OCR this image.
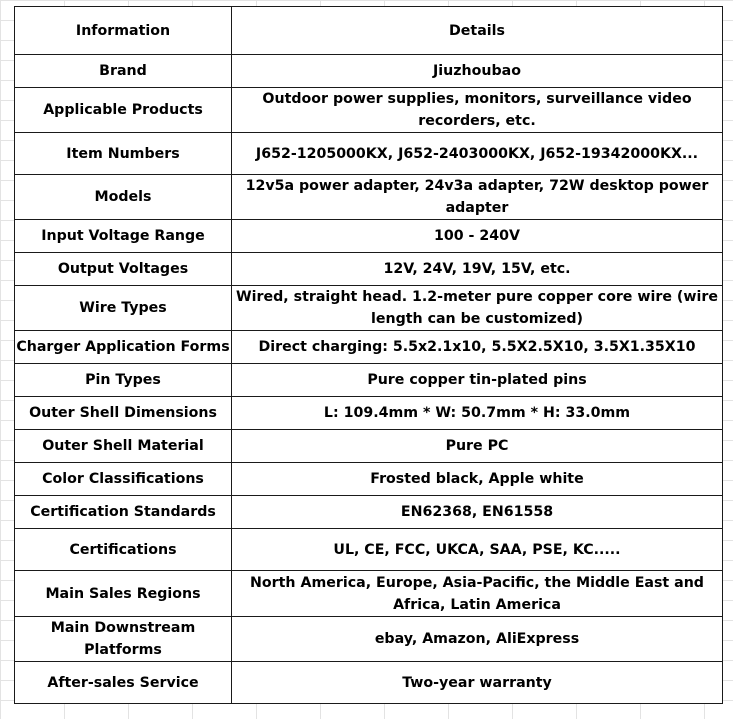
Information	Details
Brand	Jiuzhoubao
Applicable Products	Outdoor power supplies, monitors, surveillance video recorders, etc.
Item Numbers	J652-1205000KX, J652-2403000KX, J652-19342000KX...
Models	12v5a power adapter, 24v3a adapter, 72W desktop power adapter
Input Voltage Range	100 - 240V
Output Voltages	12V, 24V, 19V, 15V, etc.
Wire Types	Wired, straight head. 1.2-meter pure copper core wire (wire length can be customized)
Charger Application Forms	Direct charging: 5.5x2.1x10, 5.5X2.5X10, 3.5X1.35X10
Pin Types	Pure copper tin-plated pins
Outer Shell Dimensions	L: 109.4mm * W: 50.7mm * H: 33.0mm
Outer Shell Material	Pure PC
Color Classifications	Frosted black, Apple white
Certification Standards	EN62368, EN61558
Certifications	UL, CE, FCC, UKCA, SAA, PSE, KC.....
Main Sales Regions	North America, Europe, Asia-Pacific, the Middle East and Africa, Latin America
Main Downstream Platforms	ebay, Amazon, AliExpress
After-sales Service	Two-year warranty
